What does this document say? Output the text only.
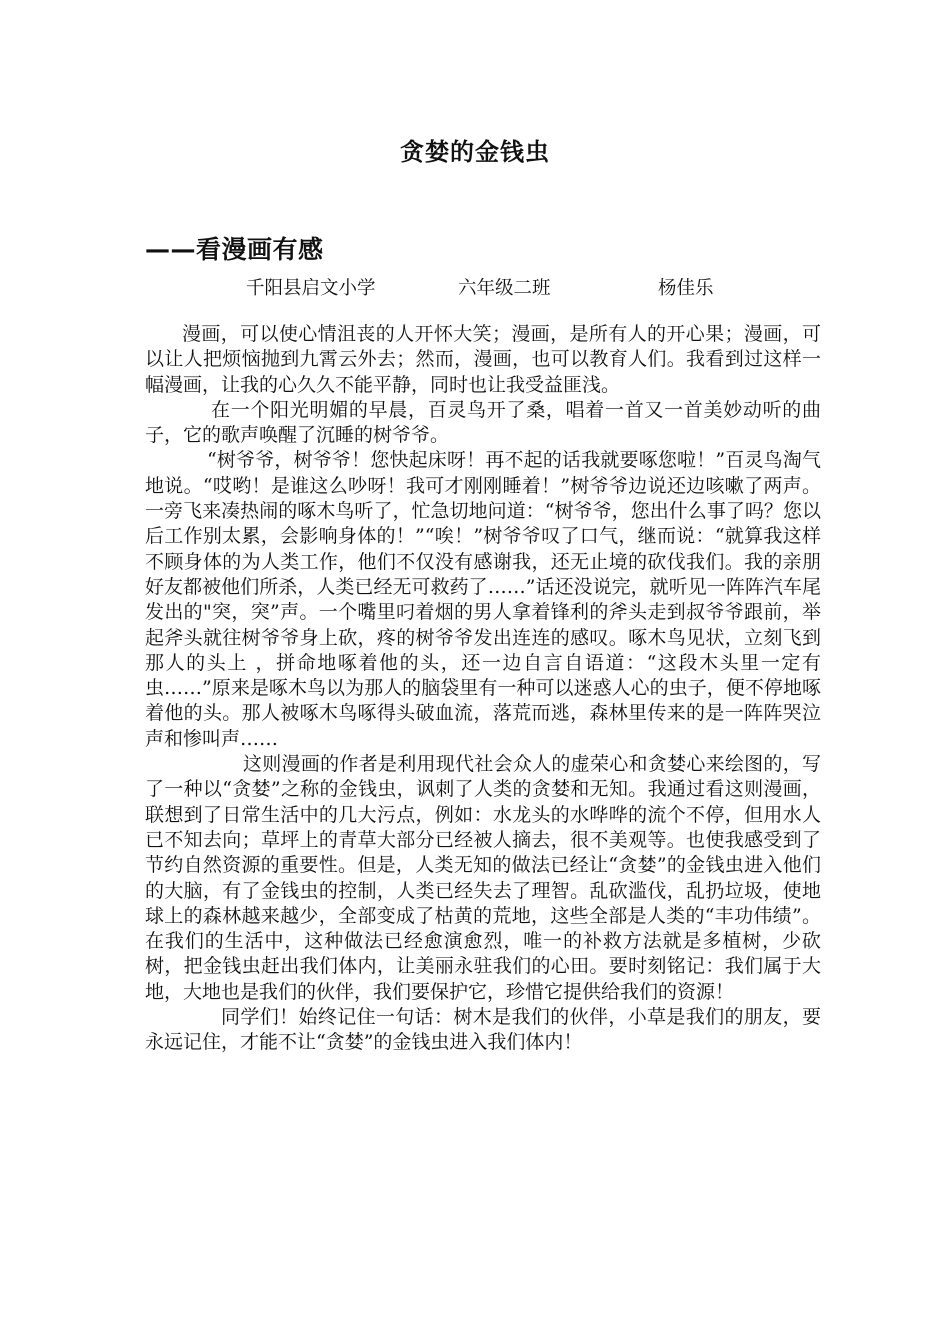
贪婪的金钱虫
——看漫画有感
千阳县启文小学	六年级二班	杨佳乐

漫画，可以使心情沮丧的人开怀大笑；漫画，是所有人的开心果；漫画，可以让人把烦恼抛到九霄云外去；然而，漫画，也可以教育人们。我看到过这样一幅漫画，让我的心久久不能平静，同时也让我受益匪浅。

在一个阳光明媚的早晨，百灵鸟开了桑，唱着一首又一首美妙动听的曲子，它的歌声唤醒了沉睡的树爷爷。

“树爷爷，树爷爷！您快起床呀！再不起的话我就要啄您啦！”百灵鸟淘气地说。“哎哟！是谁这么吵呀！我可才刚刚睡着！”树爷爷边说还边咳嗽了两声。一旁飞来凑热闹的啄木鸟听了，忙急切地问道：“树爷爷，您出什么事了吗？您以后工作别太累，会影响身体的！”“唉！”树爷爷叹了口气，继而说：“就算我这样不顾身体的为人类工作，他们不仅没有感谢我，还无止境的砍伐我们。我的亲朋好友都被他们所杀，人类已经无可救药了……”话还没说完，就听见一阵阵汽车尾发出的"突，突”声。一个嘴里叼着烟的男人拿着锋利的斧头走到叔爷爷跟前，举起斧头就往树爷爷身上砍，疼的树爷爷发出连连的感叹。啄木鸟见状，立刻飞到那人的头上 ，拼命地啄着他的头，还一边自言自语道：“这段木头里一定有虫……”原来是啄木鸟以为那人的脑袋里有一种可以迷惑人心的虫子，便不停地啄着他的头。那人被啄木鸟啄得头破血流，落荒而逃，森林里传来的是一阵阵哭泣声和惨叫声……

这则漫画的作者是利用现代社会众人的虚荣心和贪婪心来绘图的，写了一种以“贪婪”之称的金钱虫，讽刺了人类的贪婪和无知。我通过看这则漫画，联想到了日常生活中的几大污点，例如：水龙头的水哗哗的流个不停，但用水人已不知去向；草坪上的青草大部分已经被人摘去，很不美观等。也使我感受到了节约自然资源的重要性。但是，人类无知的做法已经让“贪婪”的金钱虫进入他们的大脑，有了金钱虫的控制，人类已经失去了理智。乱砍滥伐，乱扔垃圾，使地球上的森林越来越少，全部变成了枯黄的荒地，这些全部是人类的“丰功伟绩”。在我们的生活中，这种做法已经愈演愈烈，唯一的补救方法就是多植树，少砍树，把金钱虫赶出我们体内，让美丽永驻我们的心田。要时刻铭记：我们属于大地，大地也是我们的伙伴，我们要保护它，珍惜它提供给我们的资源！

同学们！始终记住一句话：树木是我们的伙伴，小草是我们的朋友，要永远记住，才能不让“贪婪”的金钱虫进入我们体内！
